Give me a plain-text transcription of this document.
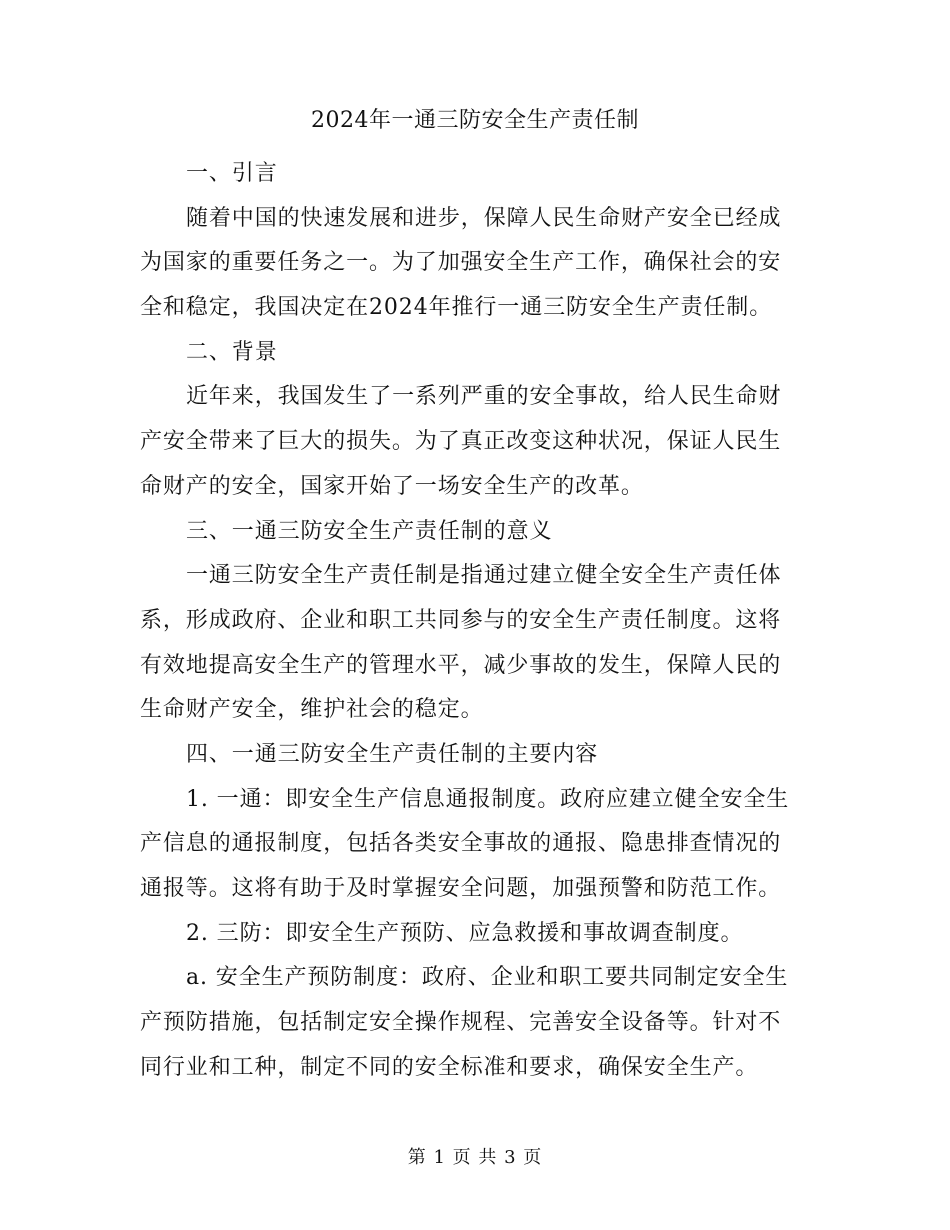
2024年一通三防安全生产责任制
一、引言
随着中国的快速发展和进步，保障人民生命财产安全已经成
为国家的重要任务之一。为了加强安全生产工作，确保社会的安
全和稳定，我国决定在2024年推行一通三防安全生产责任制。
二、背景
近年来，我国发生了一系列严重的安全事故，给人民生命财
产安全带来了巨大的损失。为了真正改变这种状况，保证人民生
命财产的安全，国家开始了一场安全生产的改革。
三、一通三防安全生产责任制的意义
一通三防安全生产责任制是指通过建立健全安全生产责任体
系，形成政府、企业和职工共同参与的安全生产责任制度。这将
有效地提高安全生产的管理水平，减少事故的发生，保障人民的
生命财产安全，维护社会的稳定。
四、一通三防安全生产责任制的主要内容
1. 一通：即安全生产信息通报制度。政府应建立健全安全生
产信息的通报制度，包括各类安全事故的通报、隐患排查情况的
通报等。这将有助于及时掌握安全问题，加强预警和防范工作。
2. 三防：即安全生产预防、应急救援和事故调查制度。
a. 安全生产预防制度：政府、企业和职工要共同制定安全生
产预防措施，包括制定安全操作规程、完善安全设备等。针对不
同行业和工种，制定不同的安全标准和要求，确保安全生产。
第 1 页 共 3 页
